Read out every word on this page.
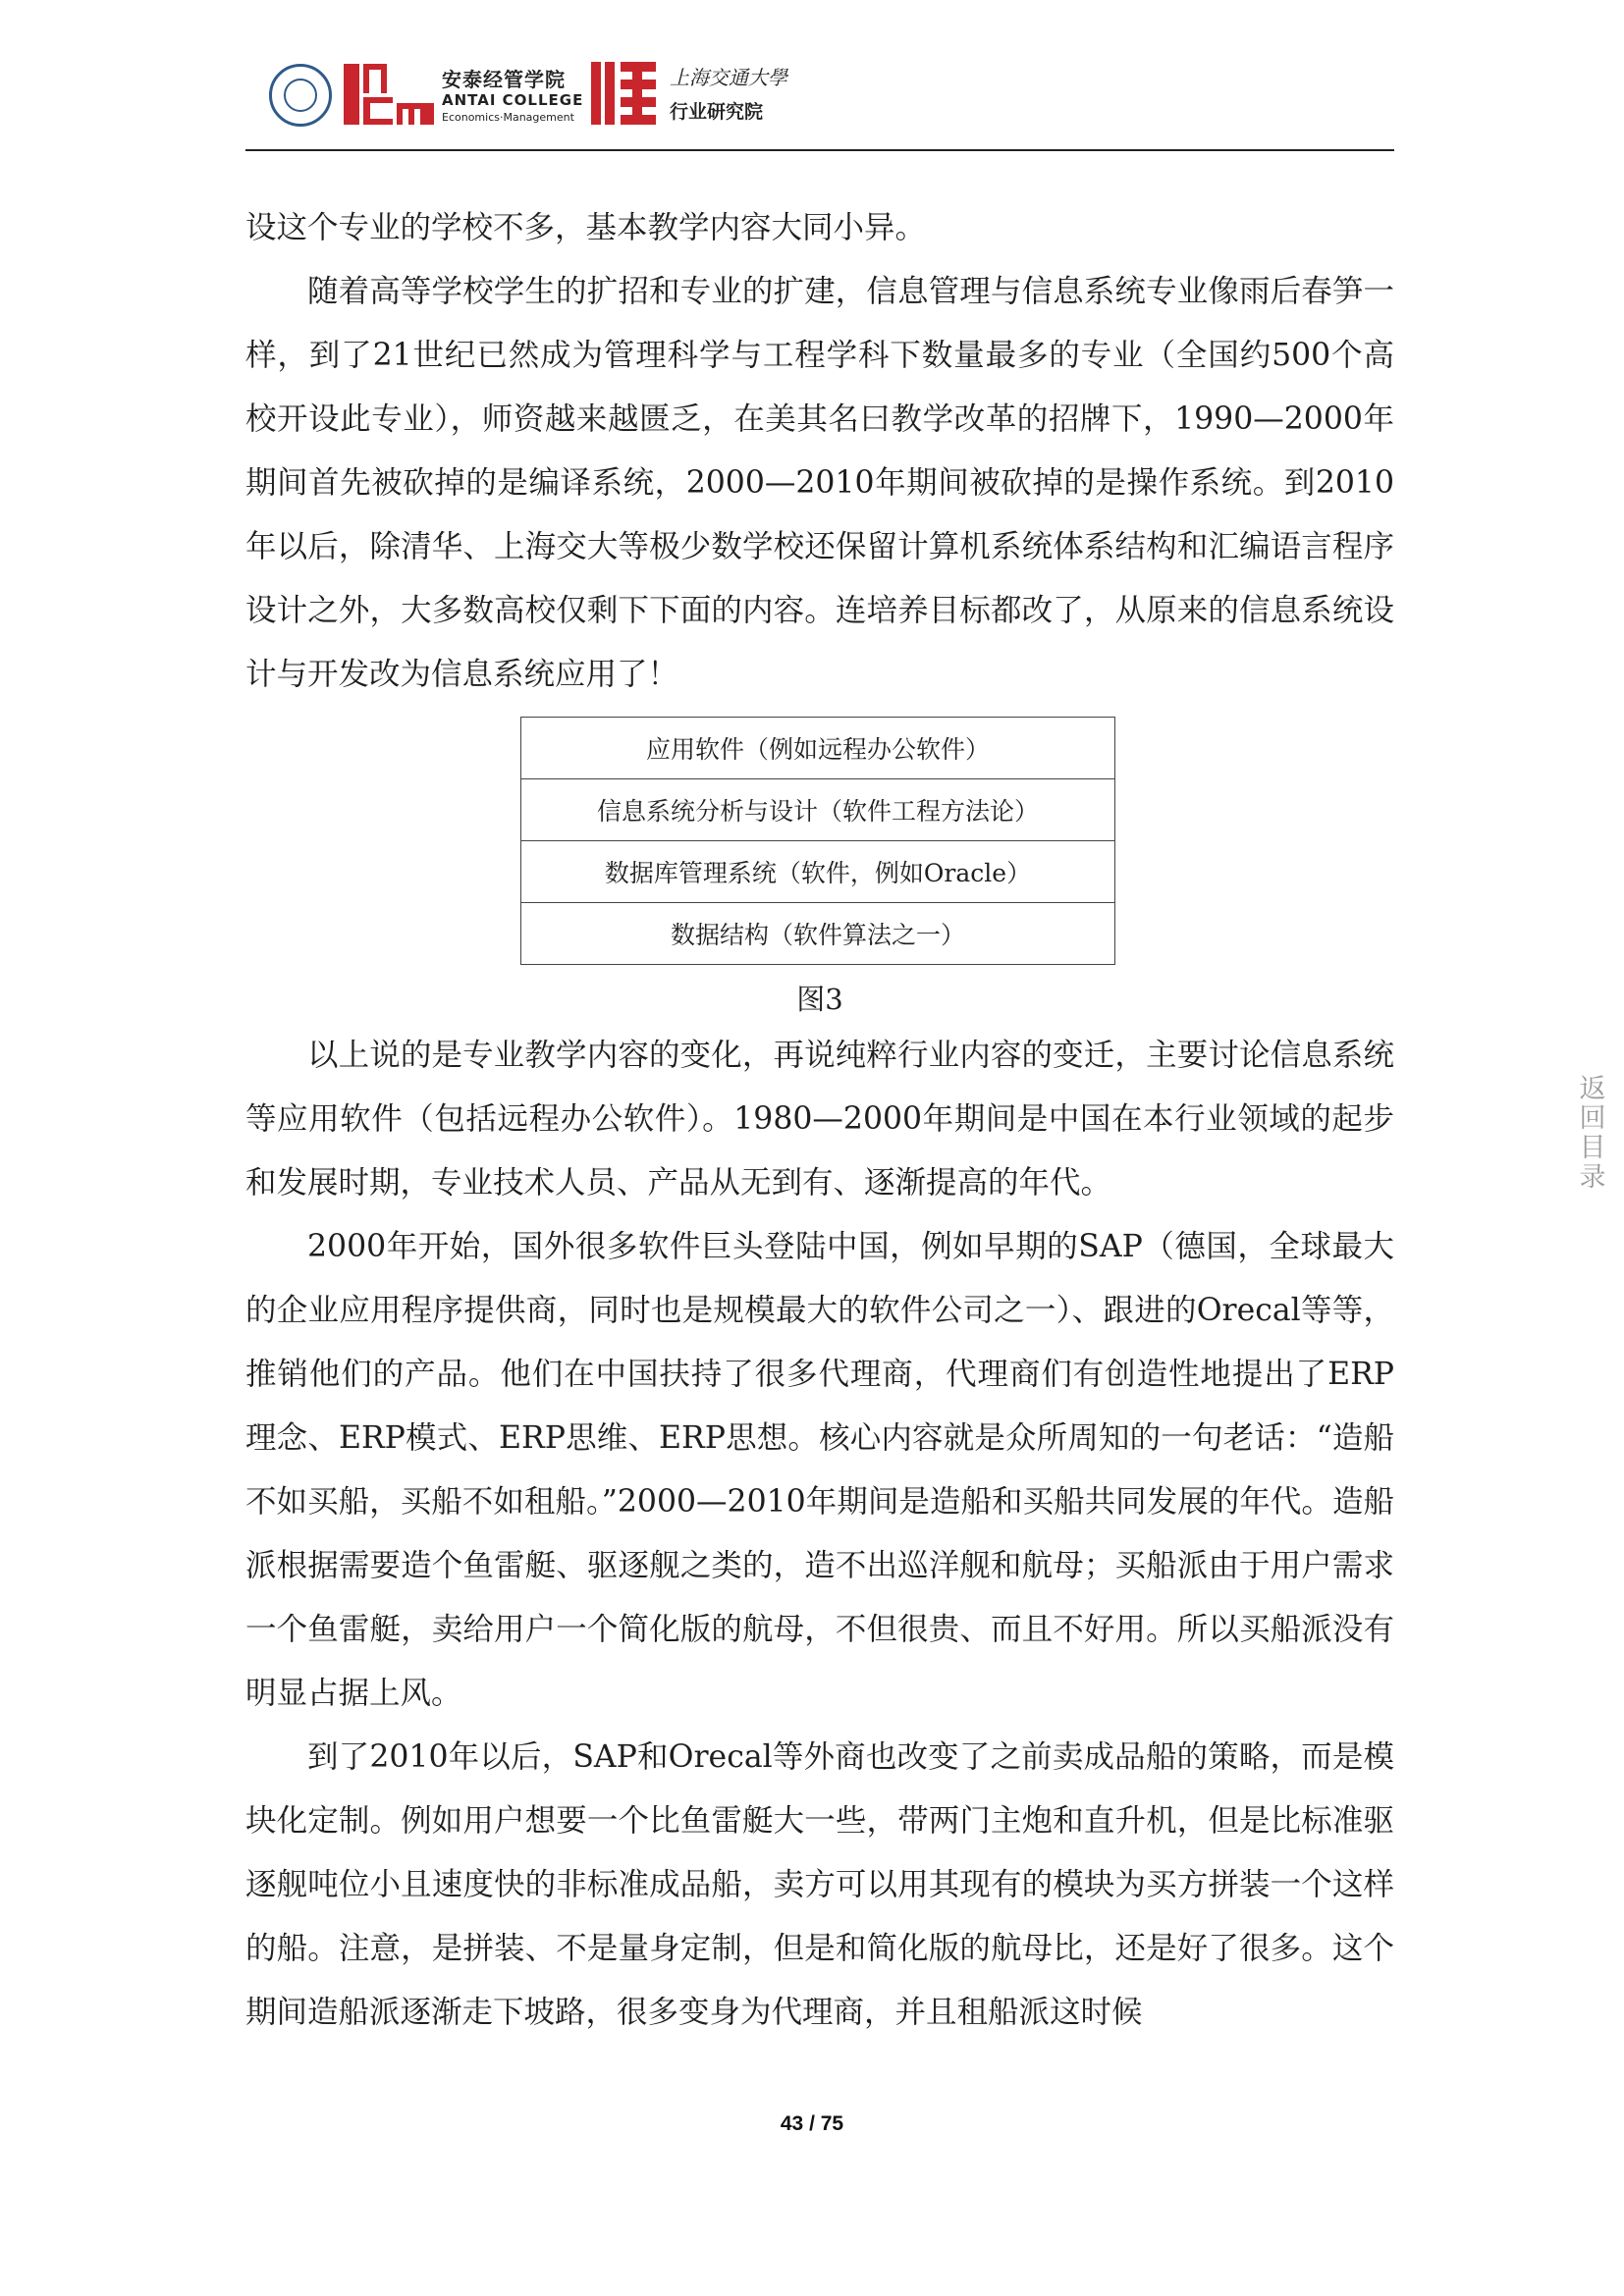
安泰经管学院
ANTAI COLLEGE
Economics·Management
上海交通大學
行业研究院

设这个专业的学校不多，基本教学内容大同小异。

随着高等学校学生的扩招和专业的扩建，信息管理与信息系统专业像雨后春笋一样，到了21世纪已然成为管理科学与工程学科下数量最多的专业（全国约500个高校开设此专业），师资越来越匮乏，在美其名曰教学改革的招牌下，1990—2000年期间首先被砍掉的是编译系统，2000—2010年期间被砍掉的是操作系统。到2010年以后，除清华、上海交大等极少数学校还保留计算机系统体系结构和汇编语言程序设计之外，大多数高校仅剩下下面的内容。连培养目标都改了，从原来的信息系统设计与开发改为信息系统应用了！

应用软件（例如远程办公软件）
信息系统分析与设计（软件工程方法论）
数据库管理系统（软件，例如Oracle）
数据结构（软件算法之一）

图3

以上说的是专业教学内容的变化，再说纯粹行业内容的变迁，主要讨论信息系统等应用软件（包括远程办公软件）。1980—2000年期间是中国在本行业领域的起步和发展时期，专业技术人员、产品从无到有、逐渐提高的年代。

2000年开始，国外很多软件巨头登陆中国，例如早期的SAP（德国，全球最大的企业应用程序提供商，同时也是规模最大的软件公司之一）、跟进的Orecal等等，推销他们的产品。他们在中国扶持了很多代理商，代理商们有创造性地提出了ERP理念、ERP模式、ERP思维、ERP思想。核心内容就是众所周知的一句老话：“造船不如买船，买船不如租船。”2000—2010年期间是造船和买船共同发展的年代。造船派根据需要造个鱼雷艇、驱逐舰之类的，造不出巡洋舰和航母；买船派由于用户需求一个鱼雷艇，卖给用户一个简化版的航母，不但很贵、而且不好用。所以买船派没有明显占据上风。

到了2010年以后，SAP和Orecal等外商也改变了之前卖成品船的策略，而是模块化定制。例如用户想要一个比鱼雷艇大一些，带两门主炮和直升机，但是比标准驱逐舰吨位小且速度快的非标准成品船，卖方可以用其现有的模块为买方拼装一个这样的船。注意，是拼装、不是量身定制，但是和简化版的航母比，还是好了很多。这个期间造船派逐渐走下坡路，很多变身为代理商，并且租船派这时候

返回目录
43 / 75
